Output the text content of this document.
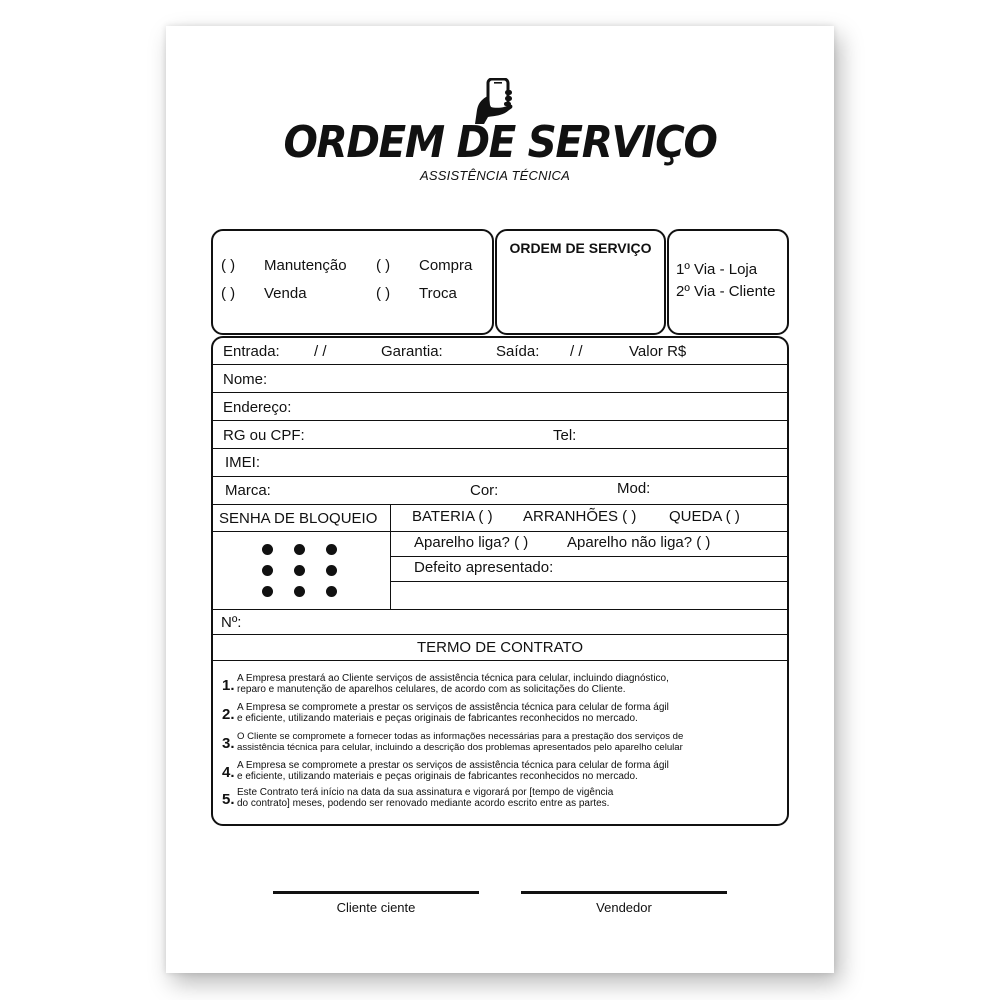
ORDEM DE SERVIÇO
ASSISTÊNCIA TÉCNICA
( ) Manutenção ( ) Compra
( ) Venda	( ) Troca
ORDEM DE SERVIÇO
1º Via - Loja
2º Via - Cliente
Entrada: / /	Garantia:	Saída: / /	Valor R$
Nome:
Endereço:
RG ou CPF:	Tel:
IMEI:
Marca:	Cor:	Mod:
SENHA DE BLOQUEIO BATERIA ( ) ARRANHÕES ( ) QUEDA ( )
Aparelho liga? ( )	Aparelho não liga? ( )
Defeito apresentado:
Nº:
TERMO DE CONTRATO
1. A Empresa prestará ao Cliente serviços de assistência técnica para celular, incluindo diagnóstico,
reparo e manutenção de aparelhos celulares, de acordo com as solicitações do Cliente.
2. A Empresa se compromete a prestar os serviços de assistência técnica para celular de forma ágil
e eficiente, utilizando materiais e peças originais de fabricantes reconhecidos no mercado.
3. O Cliente se compromete a fornecer todas as informações necessárias para a prestação dos serviços de
assistência técnica para celular, incluindo a descrição dos problemas apresentados pelo aparelho celular
4. A Empresa se compromete a prestar os serviços de assistência técnica para celular de forma ágil
e eficiente, utilizando materiais e peças originais de fabricantes reconhecidos no mercado.
5. Este Contrato terá início na data da sua assinatura e vigorará por [tempo de vigência
do contrato] meses, podendo ser renovado mediante acordo escrito entre as partes.
Cliente ciente	Vendedor
